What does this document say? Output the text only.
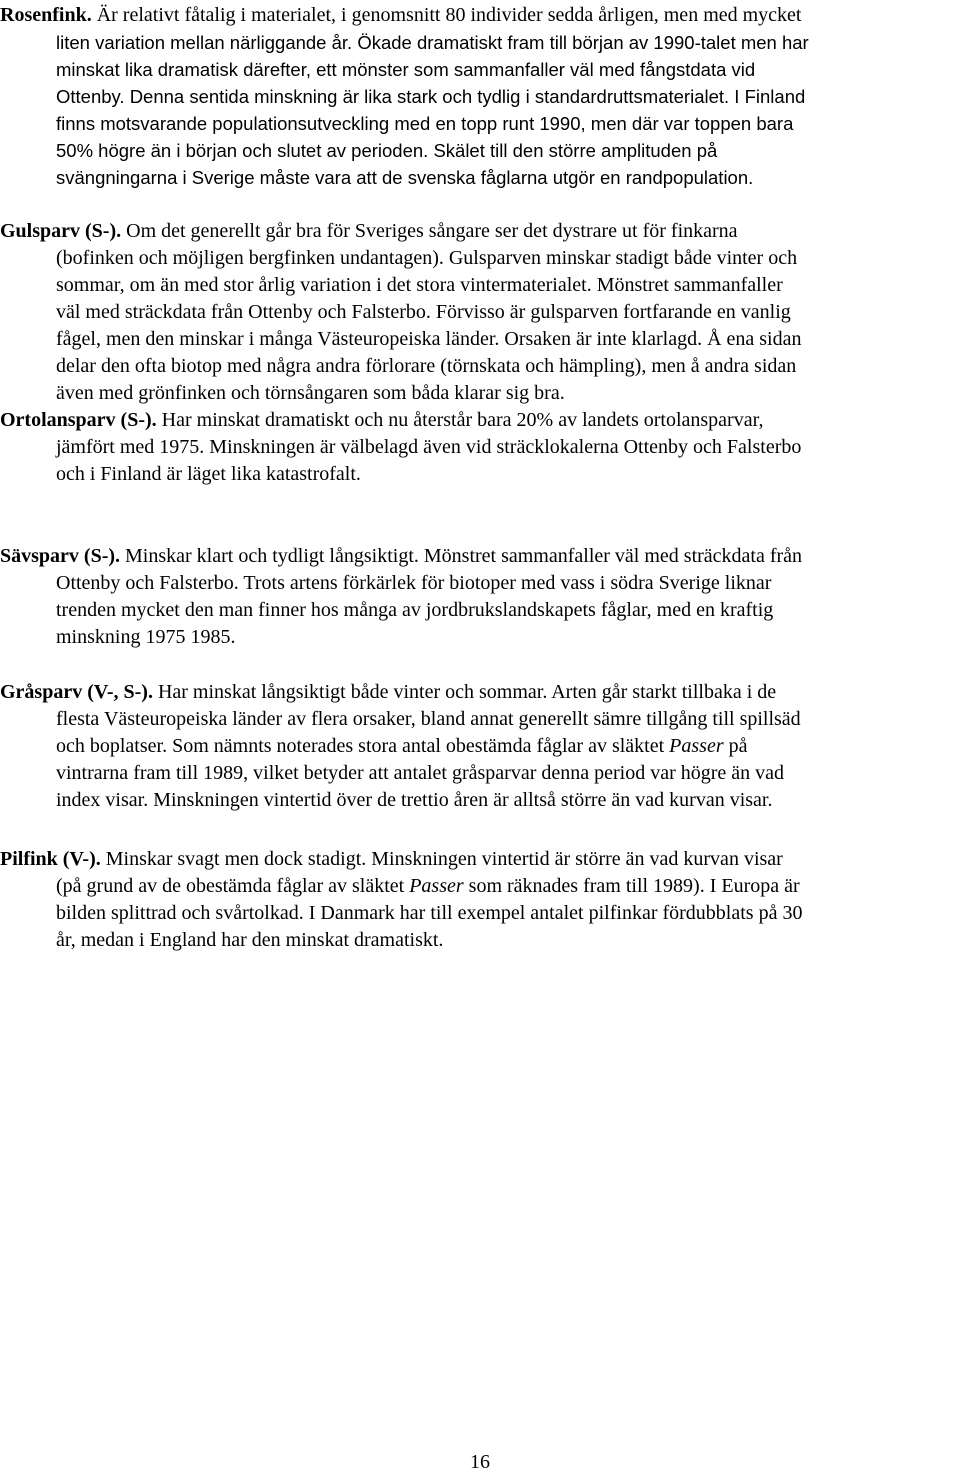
Rosenfink. Är relativt fåtalig i materialet, i genomsnitt 80 individer sedda årligen, men med mycket
liten variation mellan närliggande år. Ökade dramatiskt fram till början av 1990-talet men har
minskat lika dramatisk därefter, ett mönster som sammanfaller väl med fångstdata vid
Ottenby. Denna sentida minskning är lika stark och tydlig i standardruttsmaterialet. I Finland
finns motsvarande populationsutveckling med en topp runt 1990, men där var toppen bara
50% högre än i början och slutet av perioden. Skälet till den större amplituden på
svängningarna i Sverige måste vara att de svenska fåglarna utgör en randpopulation.
Gulsparv (S-). Om det generellt går bra för Sveriges sångare ser det dystrare ut för finkarna
(bofinken och möjligen bergfinken undantagen). Gulsparven minskar stadigt både vinter och
sommar, om än med stor årlig variation i det stora vintermaterialet. Mönstret sammanfaller
väl med sträckdata från Ottenby och Falsterbo. Förvisso är gulsparven fortfarande en vanlig
fågel, men den minskar i många Västeuropeiska länder. Orsaken är inte klarlagd. Å ena sidan
delar den ofta biotop med några andra förlorare (törnskata och hämpling), men å andra sidan
även med grönfinken och törnsångaren som båda klarar sig bra.
Ortolansparv (S-). Har minskat dramatiskt och nu återstår bara 20% av landets ortolansparvar,
jämfört med 1975. Minskningen är välbelagd även vid sträcklokalerna Ottenby och Falsterbo
och i Finland är läget lika katastrofalt.
Sävsparv (S-). Minskar klart och tydligt långsiktigt. Mönstret sammanfaller väl med sträckdata från
Ottenby och Falsterbo. Trots artens förkärlek för biotoper med vass i södra Sverige liknar
trenden mycket den man finner hos många av jordbrukslandskapets fåglar, med en kraftig
minskning 1975 1985.
Gråsparv (V-, S-). Har minskat långsiktigt både vinter och sommar. Arten går starkt tillbaka i de
flesta Västeuropeiska länder av flera orsaker, bland annat generellt sämre tillgång till spillsäd
och boplatser. Som nämnts noterades stora antal obestämda fåglar av släktet Passer på
vintrarna fram till 1989, vilket betyder att antalet gråsparvar denna period var högre än vad
index visar. Minskningen vintertid över de trettio åren är alltså större än vad kurvan visar.
Pilfink (V-). Minskar svagt men dock stadigt. Minskningen vintertid är större än vad kurvan visar
(på grund av de obestämda fåglar av släktet Passer som räknades fram till 1989). I Europa är
bilden splittrad och svårtolkad. I Danmark har till exempel antalet pilfinkar fördubblats på 30
år, medan i England har den minskat dramatiskt.
16
